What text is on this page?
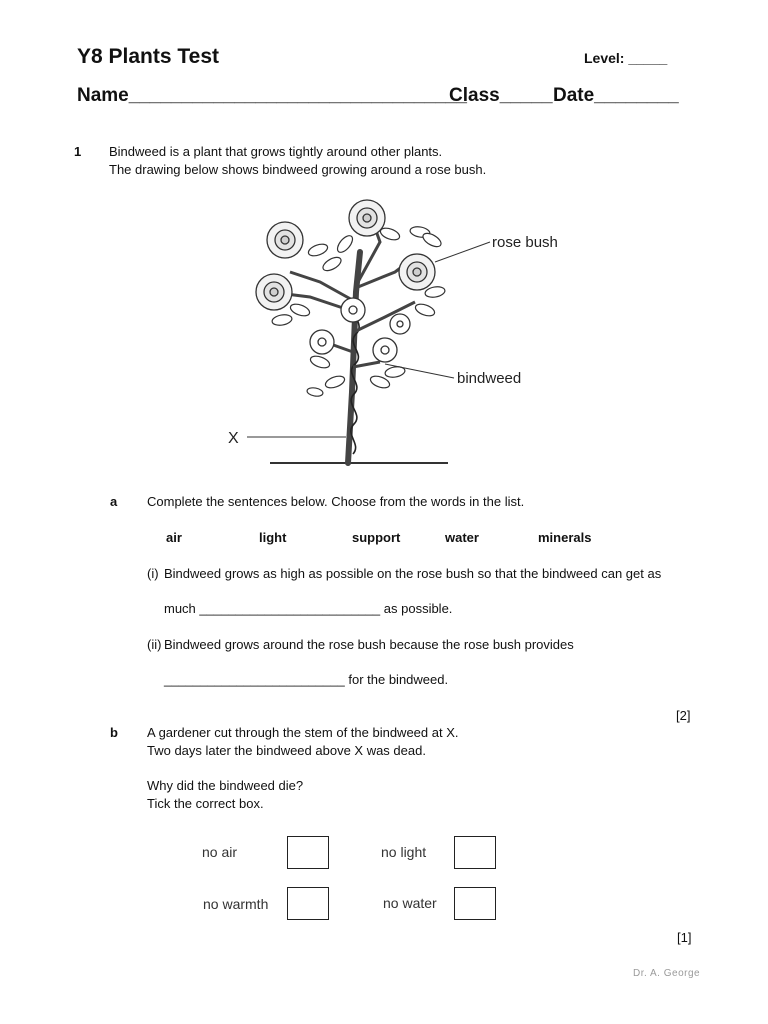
Y8 Plants Test	Level: _____
Name________________________________
Class_____ Date________
1 Bindweed is a plant that grows tightly around other plants.
The drawing below shows bindweed growing around a rose bush.
rose bush
bindweed
X
a Complete the sentences below. Choose from the words in the list.
air	light	support	water	minerals
(i) Bindweed grows as high as possible on the rose bush so that the bindweed can get as
much _________________________ as possible.
(ii) Bindweed grows around the rose bush because the rose bush provides
_________________________ for the bindweed.
[2]
b A gardener cut through the stem of the bindweed at X.
Two days later the bindweed above X was dead.
Why did the bindweed die?
Tick the correct box.
no air	no light
no warmth	no water
[1]
Dr. A. George
